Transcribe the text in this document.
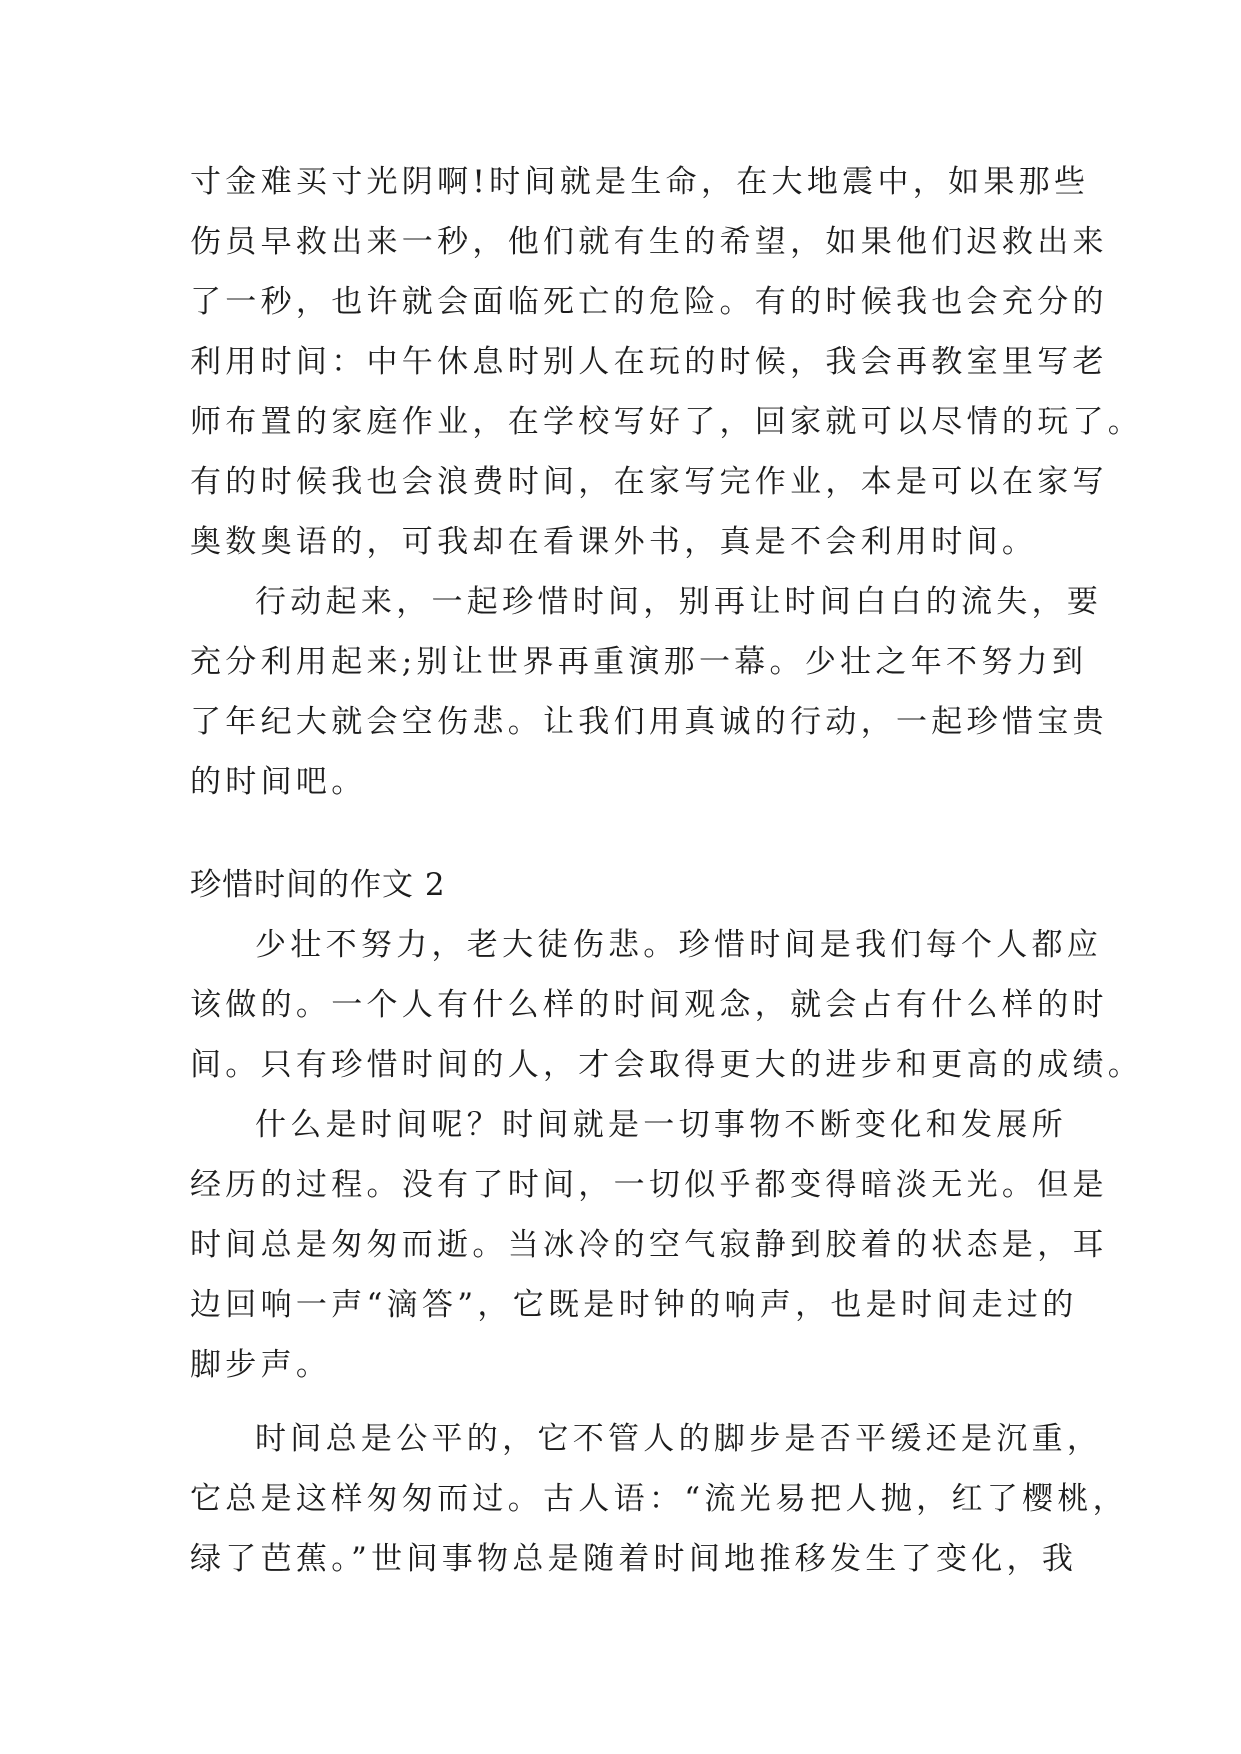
寸金难买寸光阴啊!时间就是生命，在大地震中，如果那些
伤员早救出来一秒，他们就有生的希望，如果他们迟救出来
了一秒，也许就会面临死亡的危险。有的时候我也会充分的
利用时间：中午休息时别人在玩的时候，我会再教室里写老
师布置的家庭作业，在学校写好了，回家就可以尽情的玩了。
有的时候我也会浪费时间，在家写完作业，本是可以在家写
奥数奥语的，可我却在看课外书，真是不会利用时间。
行动起来，一起珍惜时间，别再让时间白白的流失，要
充分利用起来;别让世界再重演那一幕。少壮之年不努力到
了年纪大就会空伤悲。让我们用真诚的行动，一起珍惜宝贵
的时间吧。
珍惜时间的作文 2
少壮不努力，老大徒伤悲。珍惜时间是我们每个人都应
该做的。一个人有什么样的时间观念，就会占有什么样的时
间。只有珍惜时间的人，才会取得更大的进步和更高的成绩。
什么是时间呢？时间就是一切事物不断变化和发展所
经历的过程。没有了时间，一切似乎都变得暗淡无光。但是
时间总是匆匆而逝。当冰冷的空气寂静到胶着的状态是，耳
边回响一声“滴答”，它既是时钟的响声，也是时间走过的
脚步声。
时间总是公平的，它不管人的脚步是否平缓还是沉重，
它总是这样匆匆而过。古人语：“流光易把人抛，红了樱桃，
绿了芭蕉。”世间事物总是随着时间地推移发生了变化，我
